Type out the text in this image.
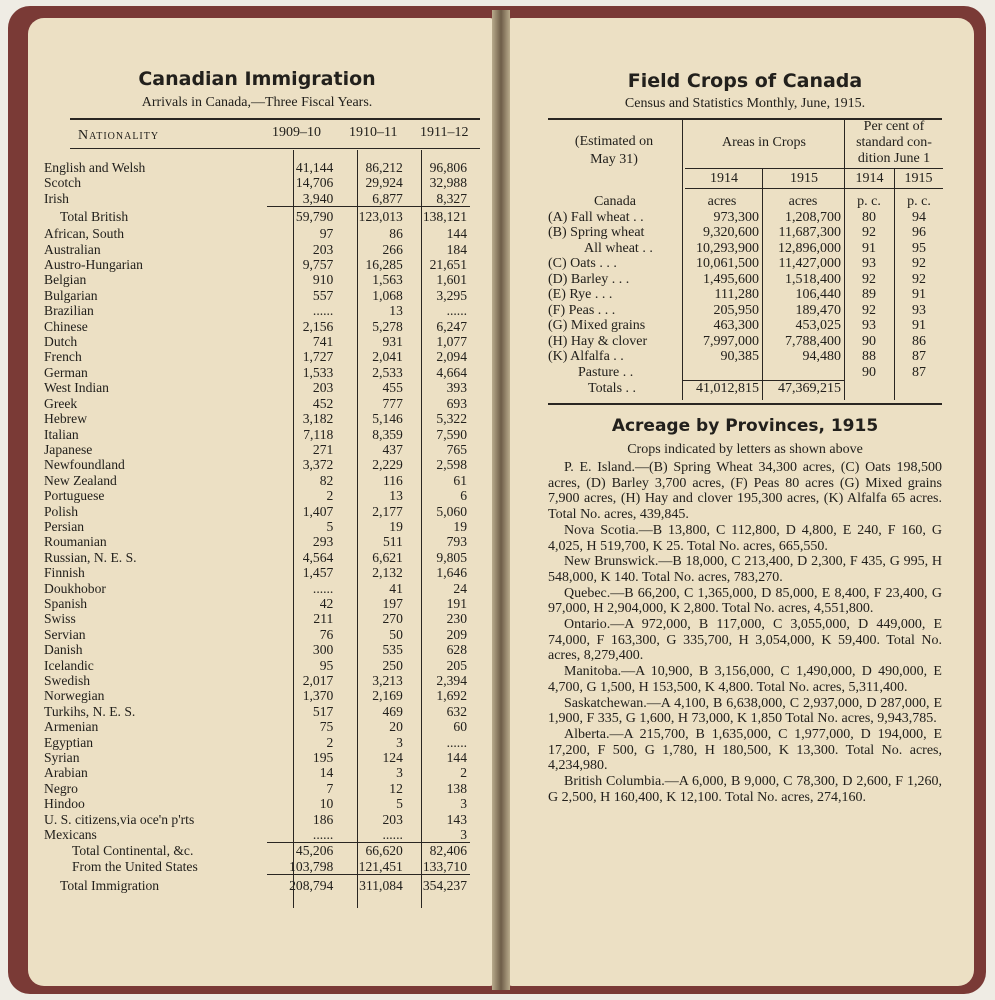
Canadian Immigration
Arrivals in Canada,—Three Fiscal Years.
Nationality	1909–10 1910–11 1911–12
English and Welsh	41,144	86,212	96,806
Scotch	14,706	29,924	32,988
Irish	3,940	6,877	8,327
Total British	59,790	123,013	138,121
African, South	97	86	144
Australian	203	266	184
Austro-Hungarian	9,757	16,285	21,651
Belgian	910	1,563	1,601
Bulgarian	557	1,068	3,295
Brazilian	......	13	......
Chinese	2,156	5,278	6,247
Dutch	741	931	1,077
French	1,727	2,041	2,094
German	1,533	2,533	4,664
West Indian	203	455	393
Greek	452	777	693
Hebrew	3,182	5,146	5,322
Italian	7,118	8,359	7,590
Japanese	271	437	765
Newfoundland	3,372	2,229	2,598
New Zealand	82	116	61
Portuguese	2	13	6
Polish	1,407	2,177	5,060
Persian	5	19	19
Roumanian	293	511	793
Russian, N. E. S.	4,564	6,621	9,805
Finnish	1,457	2,132	1,646
Doukhobor	......	41	24
Spanish	42	197	191
Swiss	211	270	230
Servian	76	50	209
Danish	300	535	628
Icelandic	95	250	205
Swedish	2,017	3,213	2,394
Norwegian	1,370	2,169	1,692
Turkihs, N. E. S.	517	469	632
Armenian	75	20	60
Egyptian	2	3	......
Syrian	195	124	144
Arabian	14	3	2
Negro	7	12	138
Hindoo	10	5	3
U. S. citizens,via oce'n p'rts	186	203	143
Mexicans	......	......	3
Total Continental, &c.	45,206	66,620	82,406
From the United States	103,798	121,451	133,710
Total Immigration	208,794	311,084	354,237
Field Crops of Canada
Census and Statistics Monthly, June, 1915.
(Estimated on
May 31)
Areas in Crops
Per cent of
standard con-
dition June 1
1914	1915	1914	1915
Canada	acres	acres	p. c.	p. c.
(A) Fall wheat . .	973,300	1,208,700	80	94
(B) Spring wheat	9,320,600	11,687,300	92	96
All wheat . .	10,293,900	12,896,000	91	95
(C) Oats . . .	10,061,500	11,427,000	93	92
(D) Barley . . .	1,495,600	1,518,400	92	92
(E) Rye . . .	111,280	106,440	89	91
(F) Peas . . .	205,950	189,470	92	93
(G) Mixed grains	463,300	453,025	93	91
(H) Hay & clover	7,997,000	7,788,400	90	86
(K) Alfalfa . .	90,385	94,480	88	87
Pasture . .			90	87
Totals . .	41,012,815	47,369,215		
Acreage by Provinces, 1915
Crops indicated by letters as shown above

P. E. Island.—(B) Spring Wheat 34,300 acres, (C) Oats 198,500 acres, (D) Barley 3,700 acres, (F) Peas 80 acres (G) Mixed grains 7,900 acres, (H) Hay and clover 195,300 acres, (K) Alfalfa 65 acres. Total No. acres, 439,845.

Nova Scotia.—B 13,800, C 112,800, D 4,800, E 240, F 160, G 4,025, H 519,700, K 25. Total No. acres, 665,550.

New Brunswick.—B 18,000, C 213,400, D 2,300, F 435, G 995, H 548,000, K 140. Total No. acres, 783,270.

Quebec.—B 66,200, C 1,365,000, D 85,000, E 8,400, F 23,400, G 97,000, H 2,904,000, K 2,800. Total No. acres, 4,551,800.

Ontario.—A 972,000, B 117,000, C 3,055,000, D 449,000, E 74,000, F 163,300, G 335,700, H 3,054,000, K 59,400. Total No. acres, 8,279,400.

Manitoba.—A 10,900, B 3,156,000, C 1,490,000, D 490,000, E 4,700, G 1,500, H 153,500, K 4,800. Total No. acres, 5,311,400.

Saskatchewan.—A 4,100, B 6,638,000, C 2,937,000, D 287,000, E 1,900, F 335, G 1,600, H 73,000, K 1,850 Total No. acres, 9,943,785.

Alberta.—A 215,700, B 1,635,000, C 1,977,000, D 194,000, E 17,200, F 500, G 1,780, H 180,500, K 13,300. Total No. acres, 4,234,980.

British Columbia.—A 6,000, B 9,000, C 78,300, D 2,600, F 1,260, G 2,500, H 160,400, K 12,100. Total No. acres, 274,160.
